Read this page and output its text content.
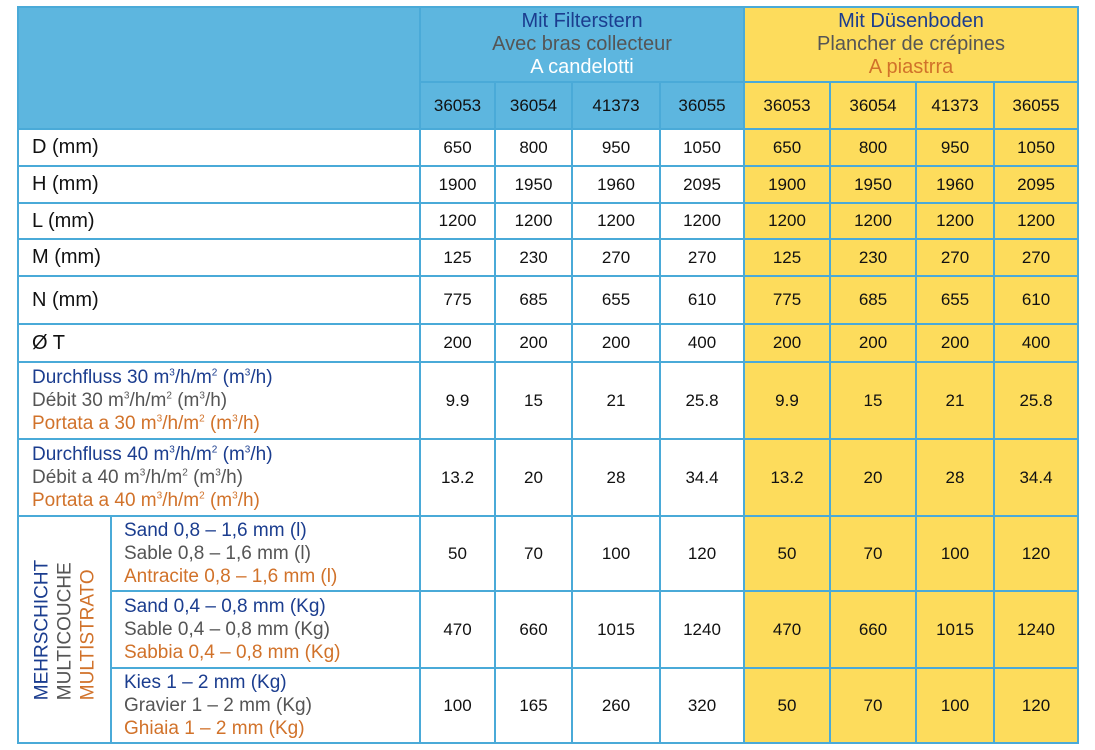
		Mit Filterstern
Avec bras collecteur
A candelotti				Mit Düsenboden
Plancher de crépines
A piastrra			

		36053	36054	41373	36055	36053	36054	41373	36055
D (mm)		650	800	950	1050	650	800	950	1050
H (mm)		1900	1950	1960	2095	1900	1950	1960	2095
L (mm)		1200	1200	1200	1200	1200	1200	1200	1200
M (mm)		125	230	270	270	125	230	270	270
N (mm)		775	685	655	610	775	685	655	610
Ø T		200	200	200	400	200	200	200	400

Durchfluss 30 $m^3/h/m^2$ $(m^3/h)$
Débit 30 $m^3/h/m^2$ $(m^3/h)$
Portata a 30 $m^3/h/m^2$ $(m^3/h)$		9.9	15	21	25.8	9.9	15	21	25.8

Durchfluss 40 $m^3/h/m^2$ $(m^3/h)$
Débit a 40 $m^3/h/m^2$ $(m^3/h)$
Portata a 40 $m^3/h/m^2$ $(m^3/h)$		13.2	20	28	34.4	13.2	20	28	34.4

MEHRSCHICHT MULTICOUCHE MULTISTRATO	Sand 0,8 – 1,6 mm (l)
Sable 0,8 – 1,6 mm (l)
Antracite 0,8 – 1,6 mm (l)	50	70	100	120	50	70	100	120

	Sand 0,4 – 0,8 mm (Kg)
Sable 0,4 – 0,8 mm (Kg)
Sabbia 0,4 – 0,8 mm (Kg)	470	660	1015	1240	470	660	1015	1240

	Kies 1 – 2 mm (Kg)
Gravier 1 – 2 mm (Kg)
Ghiaia 1 – 2 mm (Kg)	100	165	260	320	50	70	100	120
